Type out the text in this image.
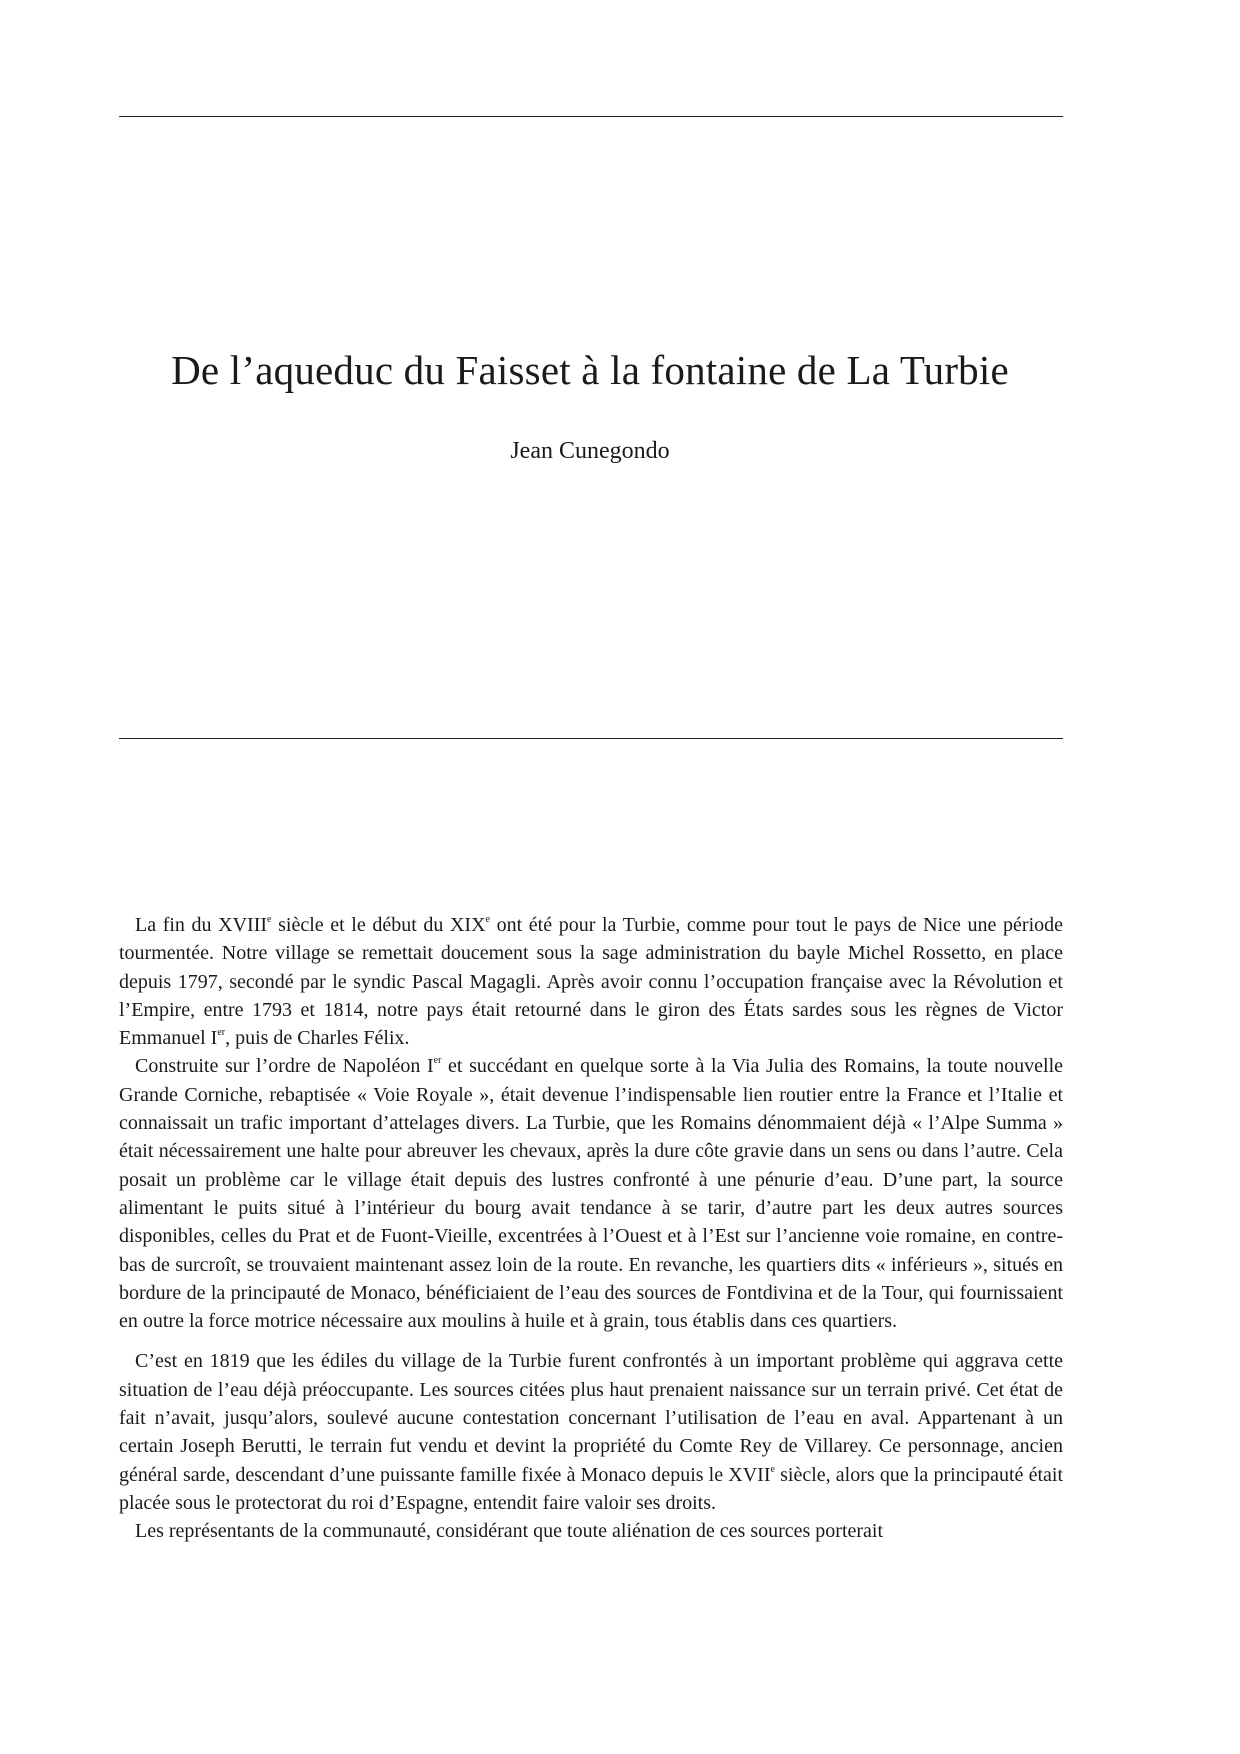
De l’aqueduc du Faisset à la fontaine de La Turbie
Jean Cunegondo

La fin du XVIIIe siècle et le début du XIXe ont été pour la Turbie, comme pour tout le pays de Nice une période tourmentée. Notre village se remettait doucement sous la sage administration du bayle Michel Rossetto, en place depuis 1797, secondé par le syndic Pascal Magagli. Après avoir connu l’occupation française avec la Révolution et l’Empire, entre 1793 et 1814, notre pays était retourné dans le giron des États sardes sous les règnes de Victor Emmanuel Ier, puis de Charles Félix.

Construite sur l’ordre de Napoléon Ier et succédant en quelque sorte à la Via Julia des Romains, la toute nouvelle Grande Corniche, rebaptisée « Voie Royale », était devenue l’indispensable lien routier entre la France et l’Italie et connaissait un trafic important d’attelages divers. La Turbie, que les Romains dénommaient déjà « l’Alpe Summa » était nécessairement une halte pour abreuver les chevaux, après la dure côte gravie dans un sens ou dans l’autre. Cela posait un problème car le village était depuis des lustres confronté à une pénurie d’eau. D’une part, la source alimentant le puits situé à l’intérieur du bourg avait tendance à se tarir, d’autre part les deux autres sources disponibles, celles du Prat et de Fuont-Vieille, excentrées à l’Ouest et à l’Est sur l’ancienne voie romaine, en contre-bas de surcroît, se trouvaient maintenant assez loin de la route. En revanche, les quartiers dits « inférieurs », situés en bordure de la principauté de Monaco, bénéficiaient de l’eau des sources de Fontdivina et de la Tour, qui fournissaient en outre la force motrice nécessaire aux moulins à huile et à grain, tous établis dans ces quartiers.

C’est en 1819 que les édiles du village de la Turbie furent confrontés à un important problème qui aggrava cette situation de l’eau déjà préoccupante. Les sources citées plus haut prenaient naissance sur un terrain privé. Cet état de fait n’avait, jusqu’alors, soulevé aucune contestation concernant l’utilisation de l’eau en aval. Appartenant à un certain Joseph Berutti, le terrain fut vendu et devint la propriété du Comte Rey de Villarey. Ce personnage, ancien général sarde, descendant d’une puissante famille fixée à Monaco depuis le XVIIe siècle, alors que la principauté était placée sous le protectorat du roi d’Espagne, entendit faire valoir ses droits.

Les représentants de la communauté, considérant que toute aliénation de ces sources porterait
